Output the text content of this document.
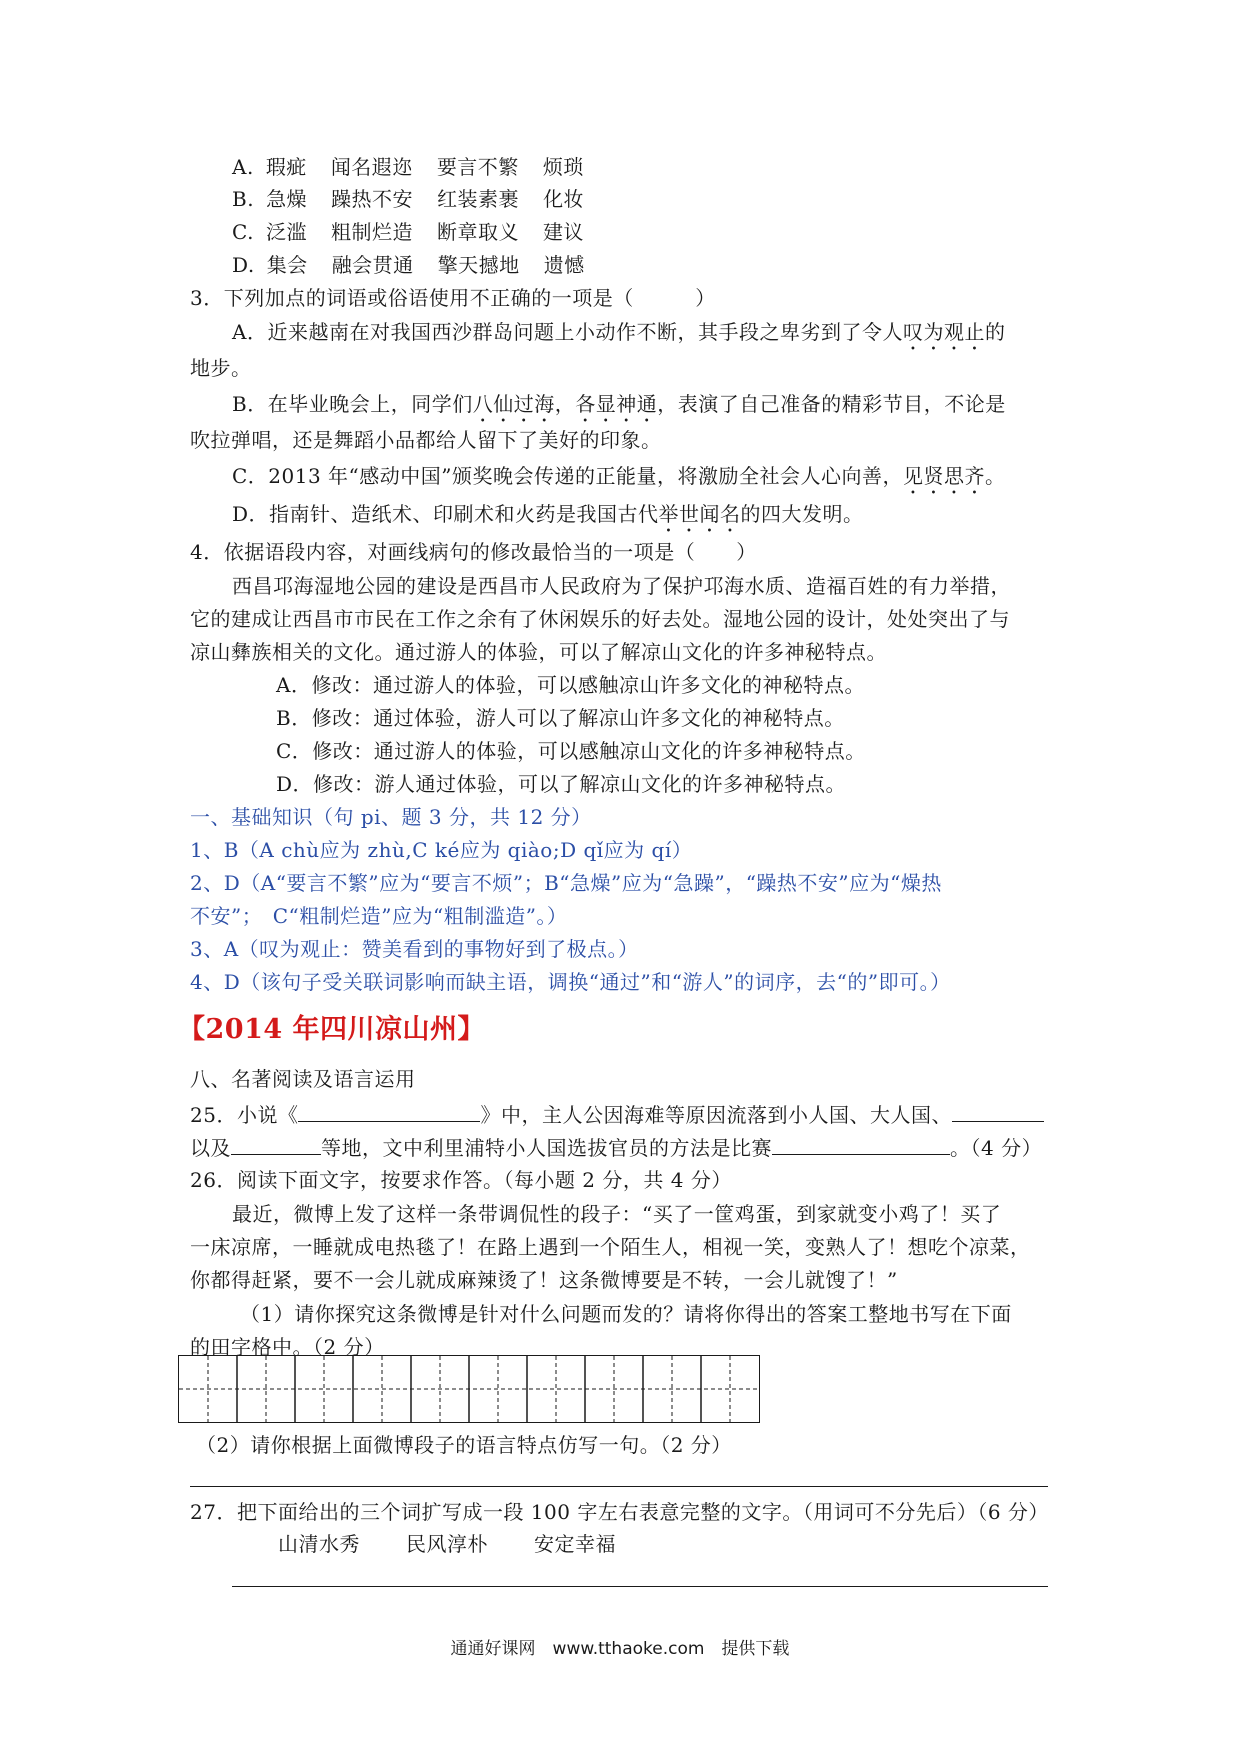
A. 瑕疵 闻名遐迩 要言不繁 烦琐
B. 急燥 躁热不安 红装素裹 化妆
C. 泛滥 粗制烂造 断章取义 建议
D. 集会 融会贯通 擎天撼地 遗憾
3．下列加点的词语或俗语使用不正确的一项是（　　　）
A．近来越南在对我国西沙群岛问题上小动作不断，其手段之卑劣到了令人叹为观止的
地步。
B．在毕业晚会上，同学们八仙过海，各显神通，表演了自己准备的精彩节目，不论是
吹拉弹唱，还是舞蹈小品都给人留下了美好的印象。
C．2013 年“感动中国”颁奖晚会传递的正能量，将激励全社会人心向善，见贤思齐。
D．指南针、造纸术、印刷术和火药是我国古代举世闻名的四大发明。
4．依据语段内容，对画线病句的修改最恰当的一项是（　　）
西昌邛海湿地公园的建设是西昌市人民政府为了保护邛海水质、造福百姓的有力举措，
它的建成让西昌市市民在工作之余有了休闲娱乐的好去处。湿地公园的设计，处处突出了与
凉山彝族相关的文化。通过游人的体验，可以了解凉山文化的许多神秘特点。
A．修改：通过游人的体验，可以感触凉山许多文化的神秘特点。
B．修改：通过体验，游人可以了解凉山许多文化的神秘特点。
C．修改：通过游人的体验，可以感触凉山文化的许多神秘特点。
D．修改：游人通过体验，可以了解凉山文化的许多神秘特点。
一、基础知识（句 pi、题 3 分，共 12 分）
1、B（A chù应为 zhù,C ké应为 qiào;D qǐ应为 qí）
2、D（A“要言不繁”应为“要言不烦”；B“急燥”应为“急躁”，“躁热不安”应为“燥热
不安”；　C“粗制烂造”应为“粗制滥造”。）
3、A（叹为观止：赞美看到的事物好到了极点。）
4、D（该句子受关联词影响而缺主语，调换“通过”和“游人”的词序，去“的”即可。）
【2014 年四川凉山州】
八、名著阅读及语言运用
25．小说《	》中，主人公因海难等原因流落到小人国、大人国、
以及	等地，文中利里浦特小人国选拔官员的方法是比赛	。（4 分）
26．阅读下面文字，按要求作答。（每小题 2 分，共 4 分）
最近，微博上发了这样一条带调侃性的段子：“买了一筐鸡蛋，到家就变小鸡了！买了
一床凉席，一睡就成电热毯了！在路上遇到一个陌生人，相视一笑，变熟人了！想吃个凉菜，
你都得赶紧，要不一会儿就成麻辣烫了！这条微博要是不转，一会儿就馊了！”
（1）请你探究这条微博是针对什么问题而发的？请将你得出的答案工整地书写在下面
的田字格中。（2 分）
（2）请你根据上面微博段子的语言特点仿写一句。（2 分）
27．把下面给出的三个词扩写成一段 100 字左右表意完整的文字。（用词可不分先后）（6 分）
山清水秀 民风淳朴 安定幸福
通通好课网　www.tthaoke.com　提供下载
